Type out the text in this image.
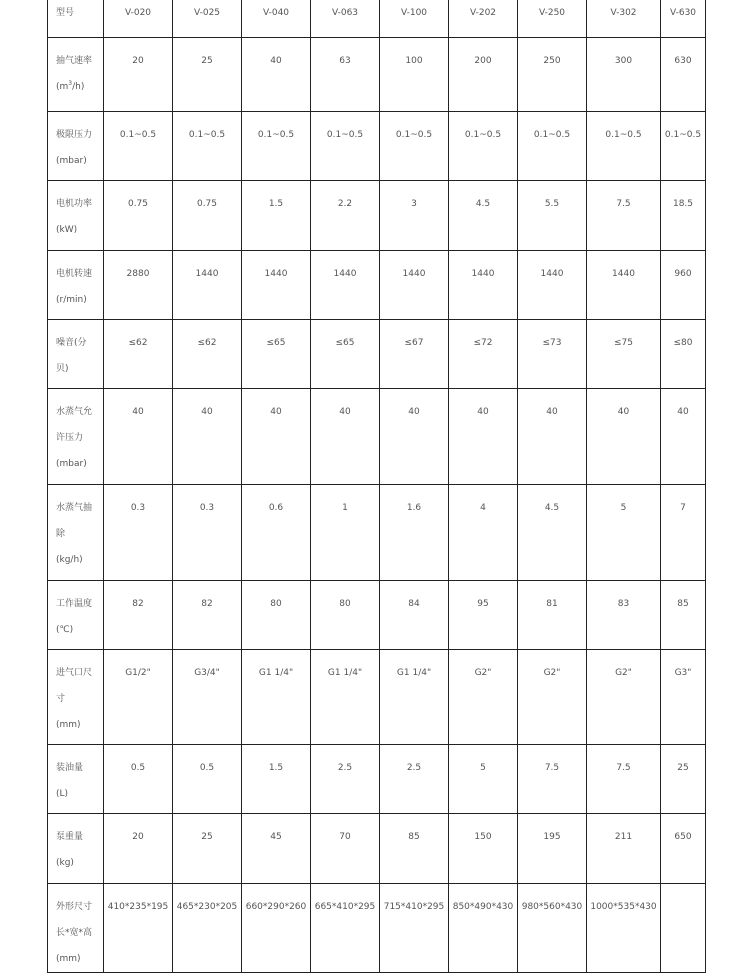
型号	V-020	V-025	V-040	V-063	V-100	V-202	V-250	V-302	V-630

抽气速率
$(m^3/h)$	20	25	40	63	100	200	250	300	630

极限压力
(mbar)	0.1~0.5	0.1~0.5	0.1~0.5	0.1~0.5	0.1~0.5	0.1~0.5	0.1~0.5	0.1~0.5	0.1~0.5

电机功率
(kW)	0.75	0.75	1.5	2.2	3	4.5	5.5	7.5	18.5

电机转速
(r/min)	2880	1440	1440	1440	1440	1440	1440	1440	960

噪音(分
贝)	≤62	≤62	≤65	≤65	≤67	≤72	≤73	≤75	≤80

水蒸气允
许压力
(mbar)	40	40	40	40	40	40	40	40	40

水蒸气抽
除
(kg/h)	0.3	0.3	0.6	1	1.6	4	4.5	5	7

工作温度
(℃)	82	82	80	80	84	95	81	83	85

进气口尺
寸
(mm)	G1/2"	G3/4"	G1 1/4"	G1 1/4"	G1 1/4"	G2"	G2"	G2"	G3"

装油量
(L)	0.5	0.5	1.5	2.5	2.5	5	7.5	7.5	25

泵重量
(kg)	20	25	45	70	85	150	195	211	650

外形尺寸
长*宽*高
(mm)	410*235*195	465*230*205	660*290*260	665*410*295	715*410*295	850*490*430	980*560*430	1000*535*430	
